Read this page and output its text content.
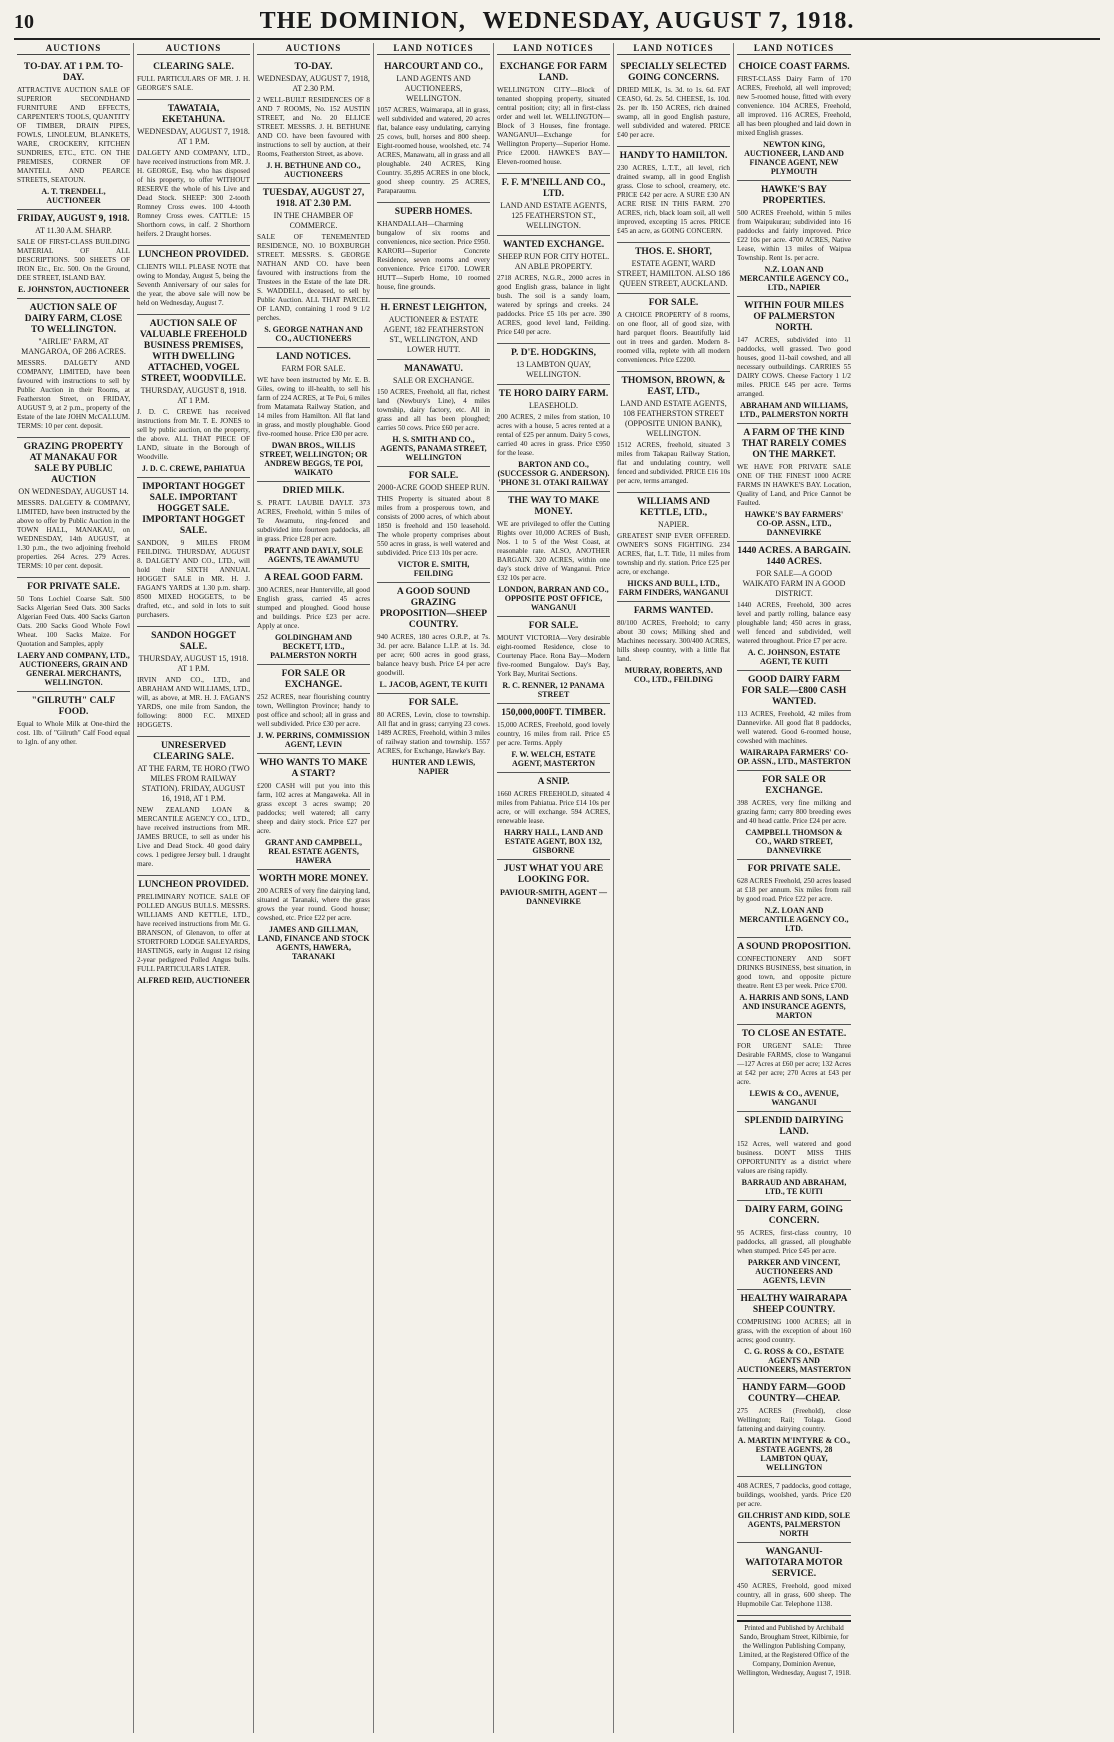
10	THE DOMINION, WEDNESDAY, AUGUST 7, 1918.
AUCTIONS
TO-DAY. AT 1 P.M. TO-DAY.
ATTRACTIVE AUCTION SALE OF SUPERIOR SECONDHAND FURNITURE AND EFFECTS, CARPENTER'S TOOLS, QUANTITY OF TIMBER, DRAIN PIPES, FOWLS, LINOLEUM, BLANKETS, WARE, CROCKERY, KITCHEN SUNDRIES, ETC., ETC. ON THE PREMISES, CORNER OF MANTELL AND PEARCE STREETS, SEATOUN.
A. T. TRENDELL, AUCTIONEER
FRIDAY, AUGUST 9, 1918.
AT 11.30 A.M. SHARP.
SALE OF FIRST-CLASS BUILDING MATERIAL OF ALL DESCRIPTIONS. 500 SHEETS OF IRON Etc., Etc. 500. On the Ground, DEE STREET, ISLAND BAY.
E. JOHNSTON, AUCTIONEER
AUCTION SALE OF DAIRY FARM, CLOSE TO WELLINGTON.
"AIRLIE" FARM, AT MANGAROA, OF 286 ACRES.
MESSRS. DALGETY AND COMPANY, LIMITED, have been favoured with instructions to sell by Public Auction in their Rooms, at Featherston Street, on FRIDAY, AUGUST 9, at 2 p.m., property of the Estate of the late JOHN McCALLUM. TERMS: 10 per cent. deposit.
GRAZING PROPERTY AT MANAKAU FOR SALE BY PUBLIC AUCTION
ON WEDNESDAY, AUGUST 14.
MESSRS. DALGETY & COMPANY, LIMITED, have been instructed by the above to offer by Public Auction in the TOWN HALL, MANAKAU, on WEDNESDAY, 14th AUGUST, at 1.30 p.m., the two adjoining freehold properties. 264 Acres. 279 Acres. TERMS: 10 per cent. deposit.
FOR PRIVATE SALE.
50 Tons Lochiel Coarse Salt. 500 Sacks Algerian Seed Oats. 300 Sacks Algerian Feed Oats. 400 Sacks Garton Oats. 200 Sacks Good Whole Fowl Wheat. 100 Sacks Maize. For Quotation and Samples, apply
LAERY AND COMPANY, LTD., AUCTIONEERS, GRAIN AND GENERAL MERCHANTS, WELLINGTON.
"GILRUTH" CALF FOOD.
Equal to Whole Milk at One-third the cost. 1lb. of "Gilruth" Calf Food equal to 1gln. of any other.
AUCTIONS
CLEARING SALE.
FULL PARTICULARS OF MR. J. H. GEORGE'S SALE.
TAWATAIA, EKETAHUNA.
WEDNESDAY, AUGUST 7, 1918. AT 1 P.M.
DALGETY AND COMPANY, LTD., have received instructions from MR. J. H. GEORGE, Esq. who has disposed of his property, to offer WITHOUT RESERVE the whole of his Live and Dead Stock. SHEEP: 300 2-tooth Romney Cross ewes. 100 4-tooth Romney Cross ewes. CATTLE: 15 Shorthorn cows, in calf. 2 Shorthorn heifers. 2 Draught horses.
LUNCHEON PROVIDED.
CLIENTS WILL PLEASE NOTE that owing to Monday, August 5, being the Seventh Anniversary of our sales for the year, the above sale will now be held on Wednesday, August 7.
AUCTION SALE OF VALUABLE FREEHOLD BUSINESS PREMISES, WITH DWELLING ATTACHED, VOGEL STREET, WOODVILLE.
THURSDAY, AUGUST 8, 1918. AT 1 P.M.
J. D. C. CREWE has received instructions from Mr. T. E. JONES to sell by public auction, on the property, the above. ALL THAT PIECE OF LAND, situate in the Borough of Woodville.
J. D. C. CREWE, PAHIATUA
IMPORTANT HOGGET SALE. IMPORTANT HOGGET SALE. IMPORTANT HOGGET SALE.
SANDON, 9 MILES FROM FEILDING. THURSDAY, AUGUST 8. DALGETY AND CO., LTD., will hold their SIXTH ANNUAL HOGGET SALE in MR. H. J. FAGAN'S YARDS at 1.30 p.m. sharp. 8500 MIXED HOGGETS, to be drafted, etc., and sold in lots to suit purchasers.
SANDON HOGGET SALE.
THURSDAY, AUGUST 15, 1918. AT 1 P.M.
IRVIN AND CO., LTD., and ABRAHAM AND WILLIAMS, LTD., will, as above, at MR. H. J. FAGAN'S YARDS, one mile from Sandon, the following: 8000 F.C. MIXED HOGGETS.
UNRESERVED CLEARING SALE.
AT THE FARM, TE HORO (TWO MILES FROM RAILWAY STATION). FRIDAY, AUGUST 16, 1918, AT 1 P.M.
NEW ZEALAND LOAN & MERCANTILE AGENCY CO., LTD., have received instructions from MR. JAMES BRUCE, to sell as under his Live and Dead Stock. 40 good dairy cows. 1 pedigree Jersey bull. 1 draught mare.
LUNCHEON PROVIDED.
PRELIMINARY NOTICE. SALE OF POLLED ANGUS BULLS. MESSRS. WILLIAMS AND KETTLE, LTD., have received instructions from Mr. G. BRANSON, of Glenavon, to offer at STORTFORD LODGE SALEYARDS, HASTINGS, early in August 12 rising 2-year pedigreed Polled Angus bulls. FULL PARTICULARS LATER.
ALFRED REID, AUCTIONEER
AUCTIONS
TO-DAY.
WEDNESDAY, AUGUST 7, 1918, AT 2.30 P.M.
2 WELL-BUILT RESIDENCES OF 8 AND 7 ROOMS, No. 152 AUSTIN STREET, and No. 20 ELLICE STREET. MESSRS. J. H. BETHUNE AND CO. have been favoured with instructions to sell by auction, at their Rooms, Featherston Street, as above.
J. H. BETHUNE AND CO., AUCTIONEERS
TUESDAY, AUGUST 27, 1918. AT 2.30 P.M.
IN THE CHAMBER OF COMMERCE.
SALE OF TENEMENTED RESIDENCE, NO. 10 BOXBURGH STREET. MESSRS. S. GEORGE NATHAN AND CO. have been favoured with instructions from the Trustees in the Estate of the late DR. S. WADDELL, deceased, to sell by Public Auction. ALL THAT PARCEL OF LAND, containing 1 rood 9 1/2 perches.
S. GEORGE NATHAN AND CO., AUCTIONEERS
LAND NOTICES.
FARM FOR SALE.
WE have been instructed by Mr. E. B. Giles, owing to ill-health, to sell his farm of 224 ACRES, at Te Poi, 6 miles from Matamata Railway Station, and 14 miles from Hamilton. All flat land in grass, and mostly ploughable. Good five-roomed house. Price £30 per acre.
DWAN BROS., WILLIS STREET, WELLINGTON; OR ANDREW BEGGS, TE POI, WAIKATO
DRIED MILK.
S. PRATT. LAUBIE DAYLT. 373 ACRES, Freehold, within 5 miles of Te Awamutu, ring-fenced and subdivided into fourteen paddocks, all in grass. Price £28 per acre.
PRATT AND DAYLY, SOLE AGENTS, TE AWAMUTU
A REAL GOOD FARM.
300 ACRES, near Hunterville, all good English grass, carried 45 acres stumped and ploughed. Good house and buildings. Price £23 per acre. Apply at once.
GOLDINGHAM AND BECKETT, LTD., PALMERSTON NORTH
FOR SALE OR EXCHANGE.
252 ACRES, near flourishing country town, Wellington Province; handy to post office and school; all in grass and well subdivided. Price £30 per acre.
J. W. PERRINS, COMMISSION AGENT, LEVIN
WHO WANTS TO MAKE A START?
£200 CASH will put you into this farm, 102 acres at Mangaweka. All in grass except 3 acres swamp; 20 paddocks; well watered; all carry sheep and dairy stock. Price £27 per acre.
GRANT AND CAMPBELL, REAL ESTATE AGENTS, HAWERA
WORTH MORE MONEY.
200 ACRES of very fine dairying land, situated at Taranaki, where the grass grows the year round. Good house; cowshed, etc. Price £22 per acre.
JAMES AND GILLMAN, LAND, FINANCE AND STOCK AGENTS, HAWERA, TARANAKI
LAND NOTICES
HARCOURT AND CO.,
LAND AGENTS AND AUCTIONEERS, WELLINGTON.
1057 ACRES, Waimarapa, all in grass, well subdivided and watered, 20 acres flat, balance easy undulating, carrying 25 cows, bull, horses and 800 sheep. Eight-roomed house, woolshed, etc. 74 ACRES, Manawatu, all in grass and all ploughable. 240 ACRES, King Country. 35,895 ACRES in one block, good sheep country. 25 ACRES, Paraparaumu.
SUPERB HOMES.
KHANDALLAH—Charming bungalow of six rooms and conveniences, nice section. Price £950. KARORI—Superior Concrete Residence, seven rooms and every convenience. Price £1700. LOWER HUTT—Superb Home, 10 roomed house, fine grounds.
H. ERNEST LEIGHTON,
AUCTIONEER & ESTATE AGENT, 182 FEATHERSTON ST., WELLINGTON, AND LOWER HUTT.
MANAWATU.
SALE OR EXCHANGE.
150 ACRES, Freehold, all flat, richest land (Newbury's Line), 4 miles township, dairy factory, etc. All in grass and all has been ploughed; carries 50 cows. Price £60 per acre.
H. S. SMITH AND CO., AGENTS, PANAMA STREET, WELLINGTON
FOR SALE.
2000-ACRE GOOD SHEEP RUN.
THIS Property is situated about 8 miles from a prosperous town, and consists of 2000 acres, of which about 1850 is freehold and 150 leasehold. The whole property comprises about 550 acres in grass, is well watered and subdivided. Price £13 10s per acre.
VICTOR E. SMITH, FEILDING
A GOOD SOUND GRAZING PROPOSITION—SHEEP COUNTRY.
940 ACRES, 180 acres O.R.P., at 7s. 3d. per acre. Balance L.I.P. at 1s. 3d. per acre; 600 acres in good grass, balance heavy bush. Price £4 per acre goodwill.
L. JACOB, AGENT, TE KUITI
FOR SALE.
80 ACRES, Levin, close to township. All flat and in grass; carrying 23 cows. 1489 ACRES, Freehold, within 3 miles of railway station and township. 1557 ACRES, for Exchange, Hawke's Bay.
HUNTER AND LEWIS, NAPIER
LAND NOTICES
EXCHANGE FOR FARM LAND.
WELLINGTON CITY—Block of tenanted shopping property, situated central position; city; all in first-class order and well let. WELLINGTON—Block of 3 Houses, fine frontage. WANGANUI—Exchange for Wellington Property—Superior Home. Price £2000. HAWKE'S BAY—Eleven-roomed house.
F. F. M'NEILL AND CO., LTD.
LAND AND ESTATE AGENTS, 125 FEATHERSTON ST., WELLINGTON.
WANTED EXCHANGE.
SHEEP RUN FOR CITY HOTEL. AN ABLE PROPERTY.
2718 ACRES, N.G.R., 2000 acres in good English grass, balance in light bush. The soil is a sandy loam, watered by springs and creeks. 24 paddocks. Price £5 10s per acre. 390 ACRES, good level land, Feilding. Price £40 per acre.
P. D'E. HODGKINS,
13 LAMBTON QUAY, WELLINGTON.
TE HORO DAIRY FARM.
LEASEHOLD.
200 ACRES, 2 miles from station, 10 acres with a house, 5 acres rented at a rental of £25 per annum. Dairy 5 cows, carried 40 acres in grass. Price £950 for the lease.
BARTON AND CO., (SUCCESSOR G. ANDERSON). 'PHONE 31. OTAKI RAILWAY
THE WAY TO MAKE MONEY.
WE are privileged to offer the Cutting Rights over 10,000 ACRES of Bush, Nos. 1 to 5 of the West Coast, at reasonable rate. ALSO, ANOTHER BARGAIN. 320 ACRES, within one day's stock drive of Wanganui. Price £32 10s per acre.
LONDON, BARRAN AND CO., OPPOSITE POST OFFICE, WANGANUI
FOR SALE.
MOUNT VICTORIA—Very desirable eight-roomed Residence, close to Courtenay Place. Rona Bay—Modern five-roomed Bungalow. Day's Bay, York Bay, Muritai Sections.
R. C. RENNER, 12 PANAMA STREET
150,000,000FT. TIMBER.
15,000 ACRES, Freehold, good lovely country, 16 miles from rail. Price £5 per acre. Terms. Apply
F. W. WELCH, ESTATE AGENT, MASTERTON
A SNIP.
1660 ACRES FREEHOLD, situated 4 miles from Pahiatua. Price £14 10s per acre, or will exchange. 594 ACRES, renewable lease.
HARRY HALL, LAND AND ESTATE AGENT, BOX 132, GISBORNE
JUST WHAT YOU ARE LOOKING FOR.
PAVIOUR-SMITH, AGENT — DANNEVIRKE
LAND NOTICES
SPECIALLY SELECTED GOING CONCERNS.
DRIED MILK, 1s. 3d. to 1s. 6d. FAT CEASO, 6d. 2s. 5d. CHEESE, 1s. 10d. 2s. per lb. 150 ACRES, rich drained swamp, all in good English pasture, well subdivided and watered. PRICE £40 per acre.
HANDY TO HAMILTON.
230 ACRES, L.T.T., all level, rich drained swamp, all in good English grass. Close to school, creamery, etc. PRICE £42 per acre. A SURE £30 AN ACRE RISE IN THIS FARM. 270 ACRES, rich, black loam soil, all well improved, excepting 15 acres. PRICE £45 an acre, as GOING CONCERN.
THOS. E. SHORT,
ESTATE AGENT, WARD STREET, HAMILTON. ALSO 186 QUEEN STREET, AUCKLAND.
FOR SALE.
A CHOICE PROPERTY of 8 rooms, on one floor, all of good size, with hard parquet floors. Beautifully laid out in trees and garden. Modern 8-roomed villa, replete with all modern conveniences. Price £2200.
THOMSON, BROWN, & EAST, LTD.,
LAND AND ESTATE AGENTS, 108 FEATHERSTON STREET (OPPOSITE UNION BANK), WELLINGTON.
1512 ACRES, freehold, situated 3 miles from Takapau Railway Station, flat and undulating country, well fenced and subdivided. PRICE £16 10s per acre, terms arranged.
WILLIAMS AND KETTLE, LTD.,
NAPIER.
GREATEST SNIP EVER OFFERED. OWNER'S SONS FIGHTING. 234 ACRES, flat, L.T. Title, 11 miles from township and rly. station. Price £25 per acre, or exchange.
HICKS AND BULL, LTD., FARM FINDERS, WANGANUI
FARMS WANTED.
80/100 ACRES, Freehold; to carry about 30 cows; Milking shed and Machines necessary. 300/400 ACRES, hills sheep country, with a little flat land.
MURRAY, ROBERTS, AND CO., LTD., FEILDING
LAND NOTICES
CHOICE COAST FARMS.
FIRST-CLASS Dairy Farm of 170 ACRES, Freehold, all well improved; new 5-roomed house, fitted with every convenience. 104 ACRES, Freehold, all improved. 116 ACRES, Freehold, all has been ploughed and laid down in mixed English grasses.
NEWTON KING, AUCTIONEER, LAND AND FINANCE AGENT, NEW PLYMOUTH
HAWKE'S BAY PROPERTIES.
500 ACRES Freehold, within 5 miles from Waipukurau; subdivided into 16 paddocks and fairly improved. Price £22 10s per acre. 4700 ACRES, Native Lease, within 13 miles of Waipua Township. Rent 1s. per acre.
N.Z. LOAN AND MERCANTILE AGENCY CO., LTD., NAPIER
WITHIN FOUR MILES OF PALMERSTON NORTH.
147 ACRES, subdivided into 11 paddocks, well grassed. Two good houses, good 11-bail cowshed, and all necessary outbuildings. CARRIES 55 DAIRY COWS. Cheese Factory 1 1/2 miles. PRICE £45 per acre. Terms arranged.
ABRAHAM AND WILLIAMS, LTD., PALMERSTON NORTH
A FARM OF THE KIND THAT RARELY COMES ON THE MARKET.
WE HAVE FOR PRIVATE SALE ONE OF THE FINEST 1000 ACRE FARMS IN HAWKE'S BAY. Location, Quality of Land, and Price Cannot be Faulted.
HAWKE'S BAY FARMERS' CO-OP. ASSN., LTD., DANNEVIRKE
1440 ACRES. A BARGAIN. 1440 ACRES.
FOR SALE—A GOOD WAIKATO FARM IN A GOOD DISTRICT.
1440 ACRES, Freehold, 300 acres level and partly rolling, balance easy ploughable land; 450 acres in grass, well fenced and subdivided, well watered throughout. Price £7 per acre.
A. C. JOHNSON, ESTATE AGENT, TE KUITI
GOOD DAIRY FARM FOR SALE—£800 CASH WANTED.
113 ACRES, Freehold, 42 miles from Dannevirke. All good flat 8 paddocks, well watered. Good 6-roomed house, cowshed with machines.
WAIRARAPA FARMERS' CO-OP. ASSN., LTD., MASTERTON
FOR SALE OR EXCHANGE.
398 ACRES, very fine milking and grazing farm; carry 800 breeding ewes and 40 head cattle. Price £24 per acre.
CAMPBELL THOMSON & CO., WARD STREET, DANNEVIRKE
FOR PRIVATE SALE.
628 ACRES Freehold, 250 acres leased at £18 per annum. Six miles from rail by good road. Price £22 per acre.
N.Z. LOAN AND MERCANTILE AGENCY CO., LTD.
A SOUND PROPOSITION.
CONFECTIONERY AND SOFT DRINKS BUSINESS, best situation, in good town, and opposite picture theatre. Rent £3 per week. Price £700.
A. HARRIS AND SONS, LAND AND INSURANCE AGENTS, MARTON
TO CLOSE AN ESTATE.
FOR URGENT SALE: Three Desirable FARMS, close to Wanganui—127 Acres at £60 per acre; 132 Acres at £42 per acre; 270 Acres at £43 per acre.
LEWIS & CO., AVENUE, WANGANUI
SPLENDID DAIRYING LAND.
152 Acres, well watered and good business. DON'T MISS THIS OPPORTUNITY as a district where values are rising rapidly.
BARRAUD AND ABRAHAM, LTD., TE KUITI
DAIRY FARM, GOING CONCERN.
95 ACRES, first-class country, 10 paddocks, all grassed, all ploughable when stumped. Price £45 per acre.
PARKER AND VINCENT, AUCTIONEERS AND AGENTS, LEVIN
HEALTHY WAIRARAPA SHEEP COUNTRY.
COMPRISING 1000 ACRES; all in grass, with the exception of about 160 acres; good country.
C. G. ROSS & CO., ESTATE AGENTS AND AUCTIONEERS, MASTERTON
HANDY FARM—GOOD COUNTRY—CHEAP.
275 ACRES (Freehold), close Wellington; Rail; Tolaga. Good fattening and dairying country.
A. MARTIN M'INTYRE & CO., ESTATE AGENTS, 28 LAMBTON QUAY, WELLINGTON
408 ACRES, 7 paddocks, good cottage, buildings, woolshed, yards. Price £20 per acre.
GILCHRIST AND KIDD, SOLE AGENTS, PALMERSTON NORTH
WANGANUI-WAITOTARA MOTOR SERVICE.
450 ACRES, Freehold, good mixed country, all in grass, 600 sheep. The Hupmobile Car. Telephone 1138.
Printed and Published by Archibald Sando, Brougham Street, Kilbirnie, for the Wellington Publishing Company, Limited, at the Registered Office of the Company, Dominion Avenue, Wellington, Wednesday, August 7, 1918.
